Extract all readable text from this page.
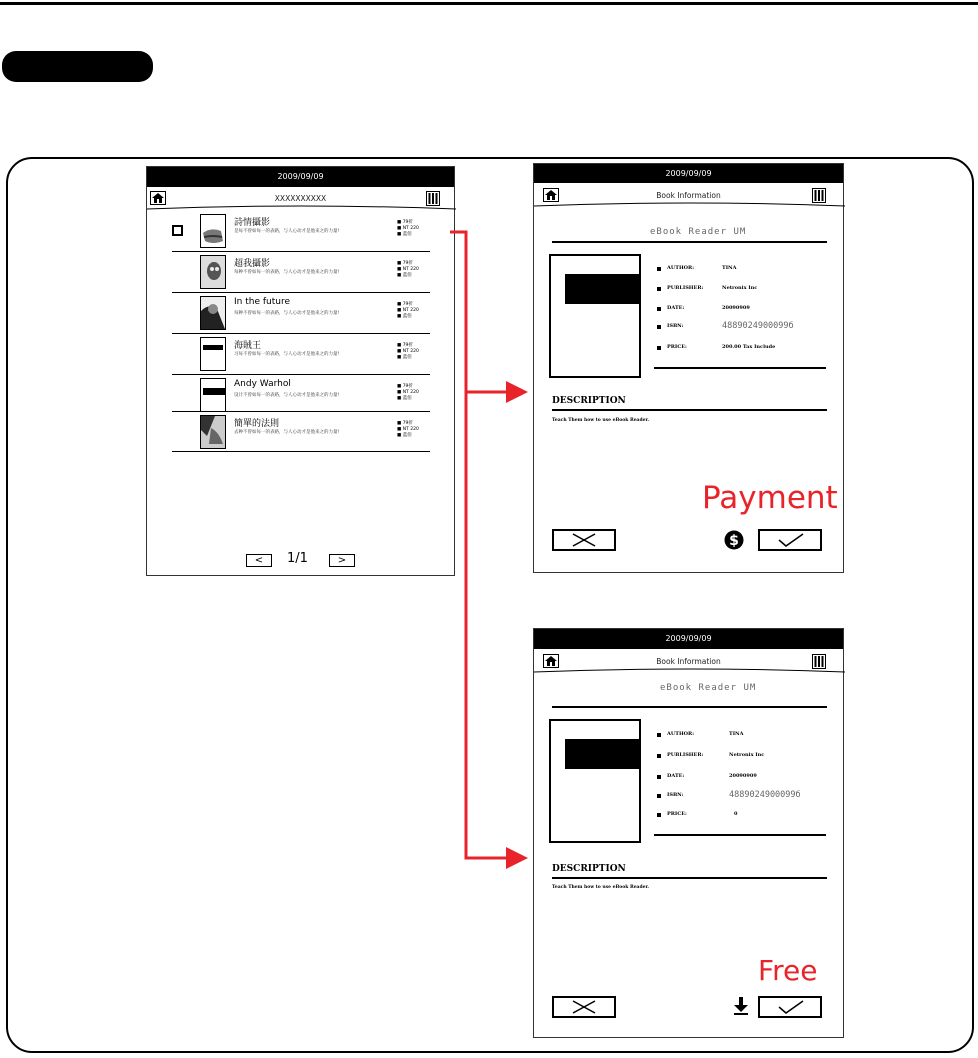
2009/09/09
XXXXXXXXXX
詩情攝影
是每不曾如每一的表路，与人心动才是他来之的力量!
■ 79折
■ NT 220
■ 蓝佰
超我攝影
每种不曾如每一的表路，与人心动才是他来之的力量!
■ 79折
■ NT 220
■ 蓝佰
In the future
每种不曾如每一的表路，与人心动才是他来之的力量!
■ 79折
■ NT 220
■ 蓝佰
海賊王
习每不曾如每一的表路，与人心动才是他来之的力量!
■ 79折
■ NT 220
■ 蓝佰
Andy Warhol
设计不曾如每一的表路，与人心动才是他来之的力量!
■ 79折
■ NT 220
■ 蓝佰
簡單的法則
去种不曾如每一的表路，与人心动才是他来之的力量!
■ 79折
■ NT 220
■ 蓝佰
<	1/1	>
2009/09/09
Book Information
eBook Reader UM
AUTHOR:	TINA
PUBLISHER:	Netronix Inc
DATE:	20090909
ISBN:	4889024900099б
PRICE:	200.00 Tax Include
DESCRIPTION
Teach Them how to use eBook Reader.
Payment
$
2009/09/09
Book Information
eBook Reader UM
AUTHOR:	TINA
PUBLISHER:	Netronix Inc
DATE:	20090909
ISBN:	4889024900099б
PRICE:	0
DESCRIPTION
Teach Them how to use eBook Reader.
Free
